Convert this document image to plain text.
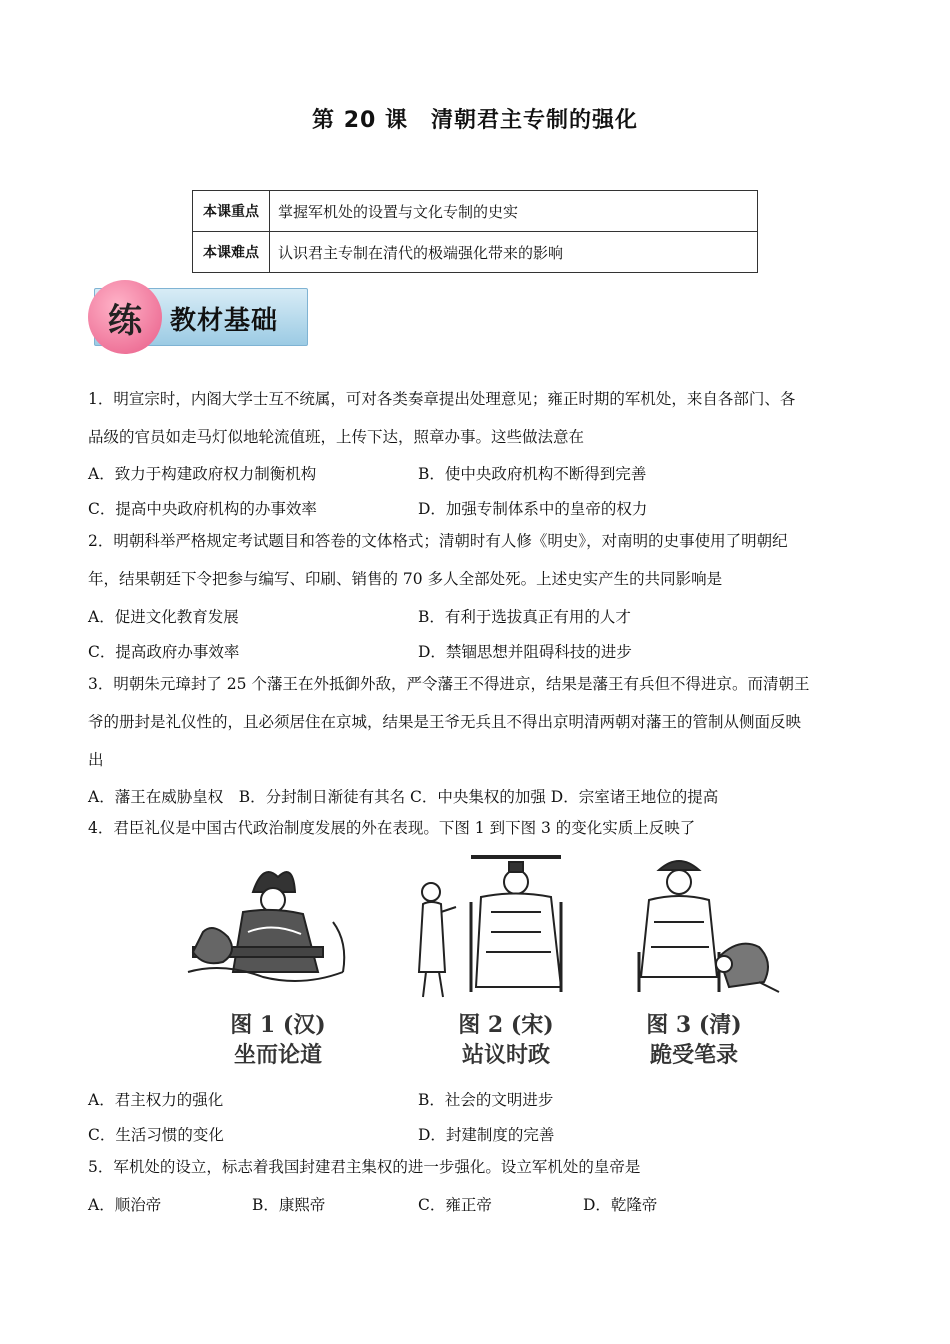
第 20 课　清朝君主专制的强化
本课重点	掌握军机处的设置与文化专制的史实
本课难点	认识君主专制在清代的极端强化带来的影响
练	教材基础
1．明宣宗时，内阁大学士互不统属，可对各类奏章提出处理意见；雍正时期的军机处，来自各部门、各
品级的官员如走马灯似地轮流值班，上传下达，照章办事。这些做法意在
A．致力于构建政府权力制衡机构	B．使中央政府机构不断得到完善
C．提高中央政府机构的办事效率	D．加强专制体系中的皇帝的权力
2．明朝科举严格规定考试题目和答卷的文体格式；清朝时有人修《明史》，对南明的史事使用了明朝纪
年，结果朝廷下令把参与编写、印刷、销售的 70 多人全部处死。上述史实产生的共同影响是
A．促进文化教育发展	B．有利于选拔真正有用的人才
C．提高政府办事效率	D．禁锢思想并阻碍科技的进步
3．明朝朱元璋封了 25 个藩王在外抵御外敌，严令藩王不得进京，结果是藩王有兵但不得进京。而清朝王
爷的册封是礼仪性的，且必须居住在京城，结果是王爷无兵且不得出京明清两朝对藩王的管制从侧面反映
出
A．藩王在威胁皇权　B．分封制日渐徒有其名 C．中央集权的加强 D．宗室诸王地位的提高
4．君臣礼仪是中国古代政治制度发展的外在表现。下图 1 到下图 3 的变化实质上反映了
图 1 (汉)
坐而论道
图 2 (宋)
站议时政
图 3 (清)
跪受笔录
A．君主权力的强化	B．社会的文明进步
C．生活习惯的变化	D．封建制度的完善
5．军机处的设立，标志着我国封建君主集权的进一步强化。设立军机处的皇帝是
A．顺治帝	B．康熙帝	C．雍正帝	D．乾隆帝
